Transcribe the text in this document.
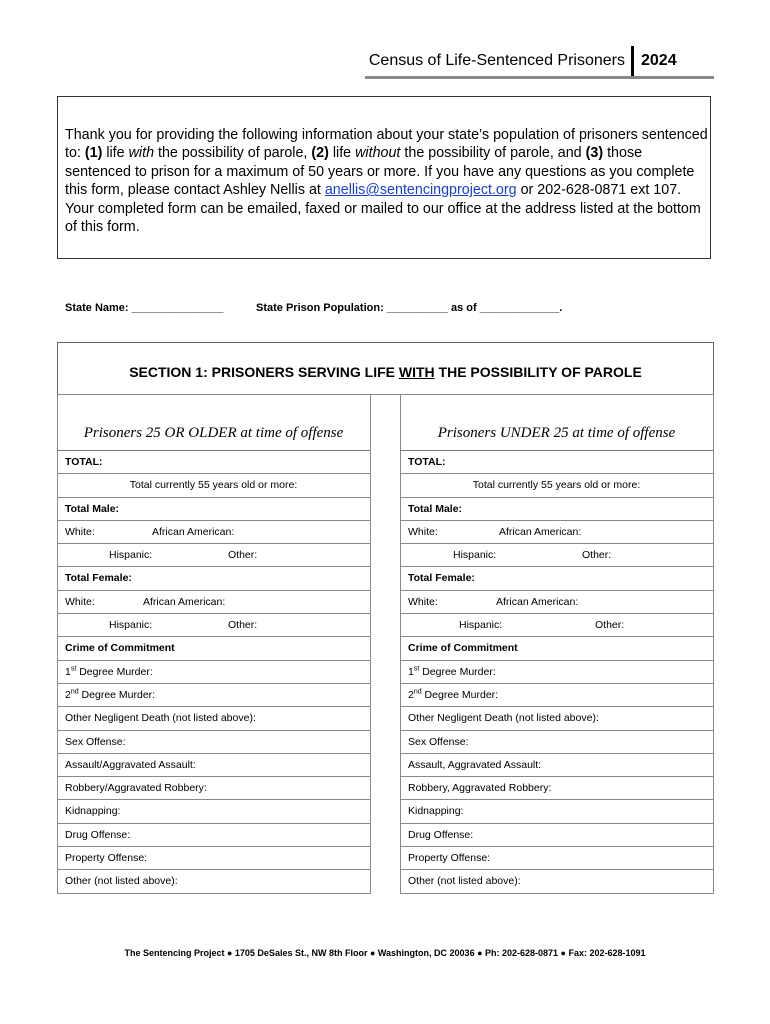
Census of Life-Sentenced Prisoners 2024
Thank you for providing the following information about your state’s population of prisoners sentenced to: (1) life with the possibility of parole, (2) life without the possibility of parole, and (3) those sentenced to prison for a maximum of 50 years or more. If you have any questions as you complete this form, please contact Ashley Nellis at anellis@sentencingproject.org or 202-628-0871 ext 107. Your completed form can be emailed, faxed or mailed to our office at the address listed at the bottom of this form.
State Name: _______________	State Prison Population: __________ as of _____________.
SECTION 1: PRISONERS SERVING LIFE WITH THE POSSIBILITY OF PAROLE
Prisoners 25 OR OLDER at time of offense
TOTAL:
Total currently 55 years old or more:
Total Male:
White:	African American:
Hispanic:	Other:
Total Female:
White:	African American:
Hispanic:	Other:
Crime of Commitment
1st Degree Murder:
2nd Degree Murder:
Other Negligent Death (not listed above):
Sex Offense:
Assault/Aggravated Assault:
Robbery/Aggravated Robbery:
Kidnapping:
Drug Offense:
Property Offense:
Other (not listed above):
Prisoners UNDER 25 at time of offense
TOTAL:
Total currently 55 years old or more:
Total Male:
White:	African American:
Hispanic:	Other:
Total Female:
White:	African American:
Hispanic:	Other:
Crime of Commitment
1st Degree Murder:
2nd Degree Murder:
Other Negligent Death (not listed above):
Sex Offense:
Assault, Aggravated Assault:
Robbery, Aggravated Robbery:
Kidnapping:
Drug Offense:
Property Offense:
Other (not listed above):
The Sentencing Project ● 1705 DeSales St., NW 8th Floor ● Washington, DC 20036 ● Ph: 202-628-0871 ● Fax: 202-628-1091
